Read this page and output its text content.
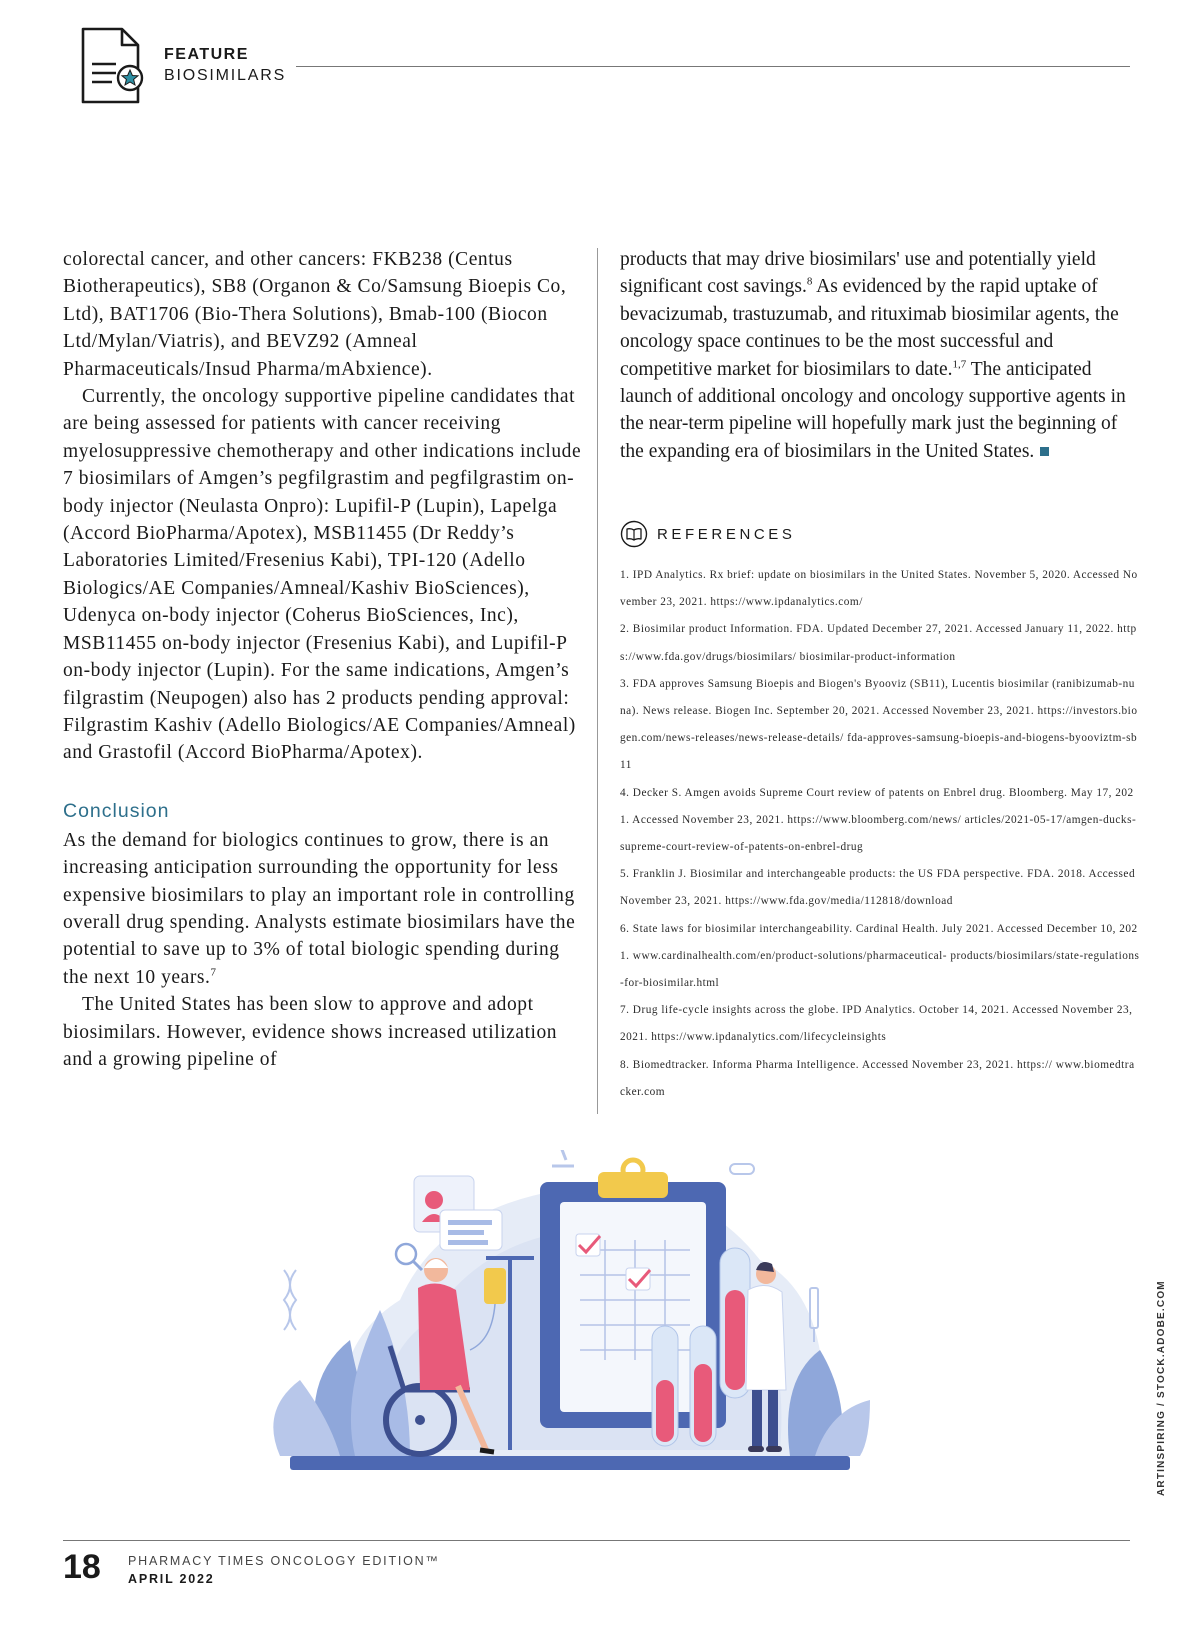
FEATURE
BIOSIMILARS

colorectal cancer, and other cancers: FKB238 (Centus Biotherapeutics), SB8 (Organon & Co/Samsung Bioepis Co, Ltd), BAT1706 (Bio-Thera Solutions), Bmab-100 (Biocon Ltd/Mylan/Viatris), and BEVZ92 (Amneal Pharmaceuticals/Insud Pharma/mAbxience).

Currently, the oncology supportive pipeline candidates that are being assessed for patients with cancer receiving myelosuppressive chemotherapy and other indications include 7 biosimilars of Amgen’s pegfilgrastim and pegfilgrastim on-body injector (Neulasta Onpro): Lupifil-P (Lupin), Lapelga (Accord BioPharma/Apotex), MSB11455 (Dr Reddy’s Laboratories Limited/Fresenius Kabi), TPI-120 (Adello Biologics/AE Companies/Amneal/Kashiv BioSciences), Udenyca on-body injector (Coherus BioSciences, Inc), MSB11455 on-body injector (Fresenius Kabi), and Lupifil-P on-body injector (Lupin). For the same indications, Amgen’s filgrastim (Neupogen) also has 2 products pending approval: Filgrastim Kashiv (Adello Biologics/AE Companies/Amneal) and Grastofil (Accord BioPharma/Apotex).

Conclusion

As the demand for biologics continues to grow, there is an increasing anticipation surrounding the opportunity for less expensive biosimilars to play an important role in controlling overall drug spending. Analysts estimate biosimilars have the potential to save up to 3% of total biologic spending during the next 10 years.$^7$

The United States has been slow to approve and adopt biosimilars. However, evidence shows increased utilization and a growing pipeline of

products that may drive biosimilars' use and potentially yield significant cost savings.$^8$ As evidenced by the rapid uptake of bevacizumab, trastuzumab, and rituximab biosimilar agents, the oncology space continues to be the most successful and competitive market for biosimilars to date.$^{1,7}$ The anticipated launch of additional oncology and oncology supportive agents in the near-term pipeline will hopefully mark just the beginning of the expanding era of biosimilars in the United States.

REFERENCES
1. IPD Analytics. Rx brief: update on biosimilars in the United States. November 5, 2020. Accessed November 23, 2021. https://www.ipdanalytics.com/
2. Biosimilar product Information. FDA. Updated December 27, 2021. Accessed January 11, 2022. https://www.fda.gov/drugs/biosimilars/ biosimilar-product-information
3. FDA approves Samsung Bioepis and Biogen's Byooviz (SB11), Lucentis biosimilar (ranibizumab-nuna). News release. Biogen Inc. September 20, 2021. Accessed November 23, 2021. https://investors.biogen.com/news-releases/news-release-details/ fda-approves-samsung-bioepis-and-biogens-byooviztm-sb11
4. Decker S. Amgen avoids Supreme Court review of patents on Enbrel drug. Bloomberg. May 17, 2021. Accessed November 23, 2021. https://www.bloomberg.com/news/ articles/2021-05-17/amgen-ducks-supreme-court-review-of-patents-on-enbrel-drug
5. Franklin J. Biosimilar and interchangeable products: the US FDA perspective. FDA. 2018. Accessed November 23, 2021. https://www.fda.gov/media/112818/download
6. State laws for biosimilar interchangeability. Cardinal Health. July 2021. Accessed December 10, 2021. www.cardinalhealth.com/en/product-solutions/pharmaceutical- products/biosimilars/state-regulations-for-biosimilar.html
7. Drug life-cycle insights across the globe. IPD Analytics. October 14, 2021. Accessed November 23, 2021. https://www.ipdanalytics.com/lifecycleinsights
8. Biomedtracker. Informa Pharma Intelligence. Accessed November 23, 2021. https:// www.biomedtracker.com
ARTINSPIRING / STOCK.ADOBE.COM
18 PHARMACY TIMES ONCOLOGY EDITION™
APRIL 2022
